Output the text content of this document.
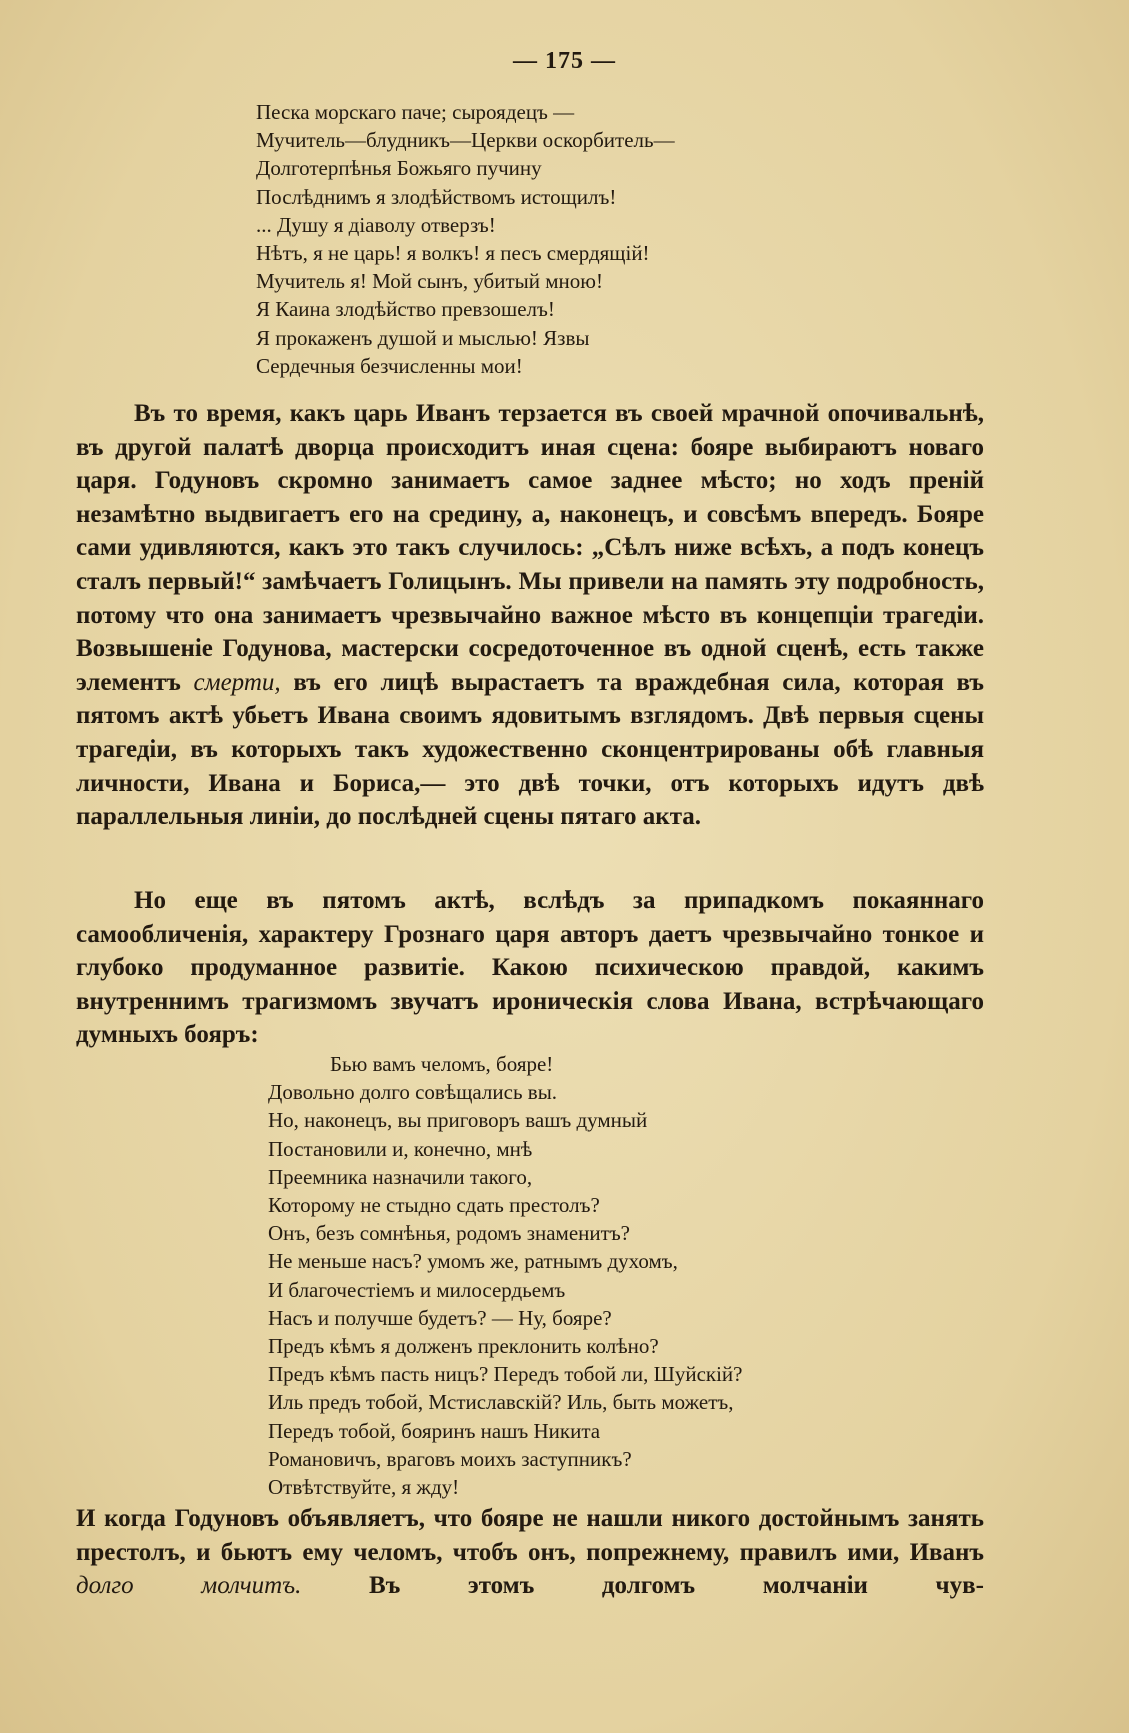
— 175 —
Песка морскаго паче; сыроядецъ —
Мучитель—блудникъ—Церкви оскорбитель—
Долготерпѣнья Божьяго пучину
Послѣднимъ я злодѣйствомъ истощилъ!
... Душу я діаволу отверзъ!
Нѣтъ, я не царь! я волкъ! я песъ смердящій!
Мучитель я! Мой сынъ, убитый мною!
Я Каина злодѣйство превзошелъ!
Я прокаженъ душой и мыслью! Язвы
Сердечныя безчисленны мои!

Въ то время, какъ царь Иванъ терзается въ своей мрачной опочивальнѣ, въ другой палатѣ дворца происходитъ иная сцена: бояре выбираютъ новаго царя. Годуновъ скромно занимаетъ самое заднее мѣсто; но ходъ преній незамѣтно выдвигаетъ его на средину, а, наконецъ, и совсѣмъ впередъ. Бояре сами удивляются, какъ это такъ случилось: „Сѣлъ ниже всѣхъ, а подъ конецъ сталъ первый!“ замѣчаетъ Голицынъ. Мы привели на память эту подробность, потому что она занимаетъ чрезвычайно важное мѣсто въ концепціи трагедіи. Возвышеніе Годунова, мастерски сосредоточенное въ одной сценѣ, есть также элементъ смерти, въ его лицѣ вырастаетъ та враждебная сила, которая въ пятомъ актѣ убьетъ Ивана своимъ ядовитымъ взглядомъ. Двѣ первыя сцены трагедіи, въ которыхъ такъ художественно сконцентрированы обѣ главныя личности, Ивана и Бориса,— это двѣ точки, отъ которыхъ идутъ двѣ параллельныя линіи, до послѣдней сцены пятаго акта.

Но еще въ пятомъ актѣ, вслѣдъ за припадкомъ покаяннаго самообличенія, характеру Грознаго царя авторъ даетъ чрезвычайно тонкое и глубоко продуманное развитіе. Какою психическою правдой, какимъ внутреннимъ трагизмомъ звучатъ ироническія слова Ивана, встрѣчающаго думныхъ бояръ:

Бью вамъ челомъ, бояре!
Довольно долго совѣщались вы.
Но, наконецъ, вы приговоръ вашъ думный
Постановили и, конечно, мнѣ
Преемника назначили такого,
Которому не стыдно сдать престолъ?
Онъ, безъ сомнѣнья, родомъ знаменитъ?
Не меньше насъ? умомъ же, ратнымъ духомъ,
И благочестіемъ и милосердьемъ
Насъ и получше будетъ? — Ну, бояре?
Предъ кѣмъ я долженъ преклонить колѣно?
Предъ кѣмъ пасть ницъ? Передъ тобой ли, Шуйскій?
Иль предъ тобой, Мстиславскій? Иль, быть можетъ,
Передъ тобой, бояринъ нашъ Никита
Романовичъ, враговъ моихъ заступникъ?
Отвѣтствуйте, я жду!

И когда Годуновъ объявляетъ, что бояре не нашли никого достойнымъ занять престолъ, и бьютъ ему челомъ, чтобъ онъ, попрежнему, правилъ ими, Иванъ долго молчитъ. Въ этомъ долгомъ молчаніи чув-
